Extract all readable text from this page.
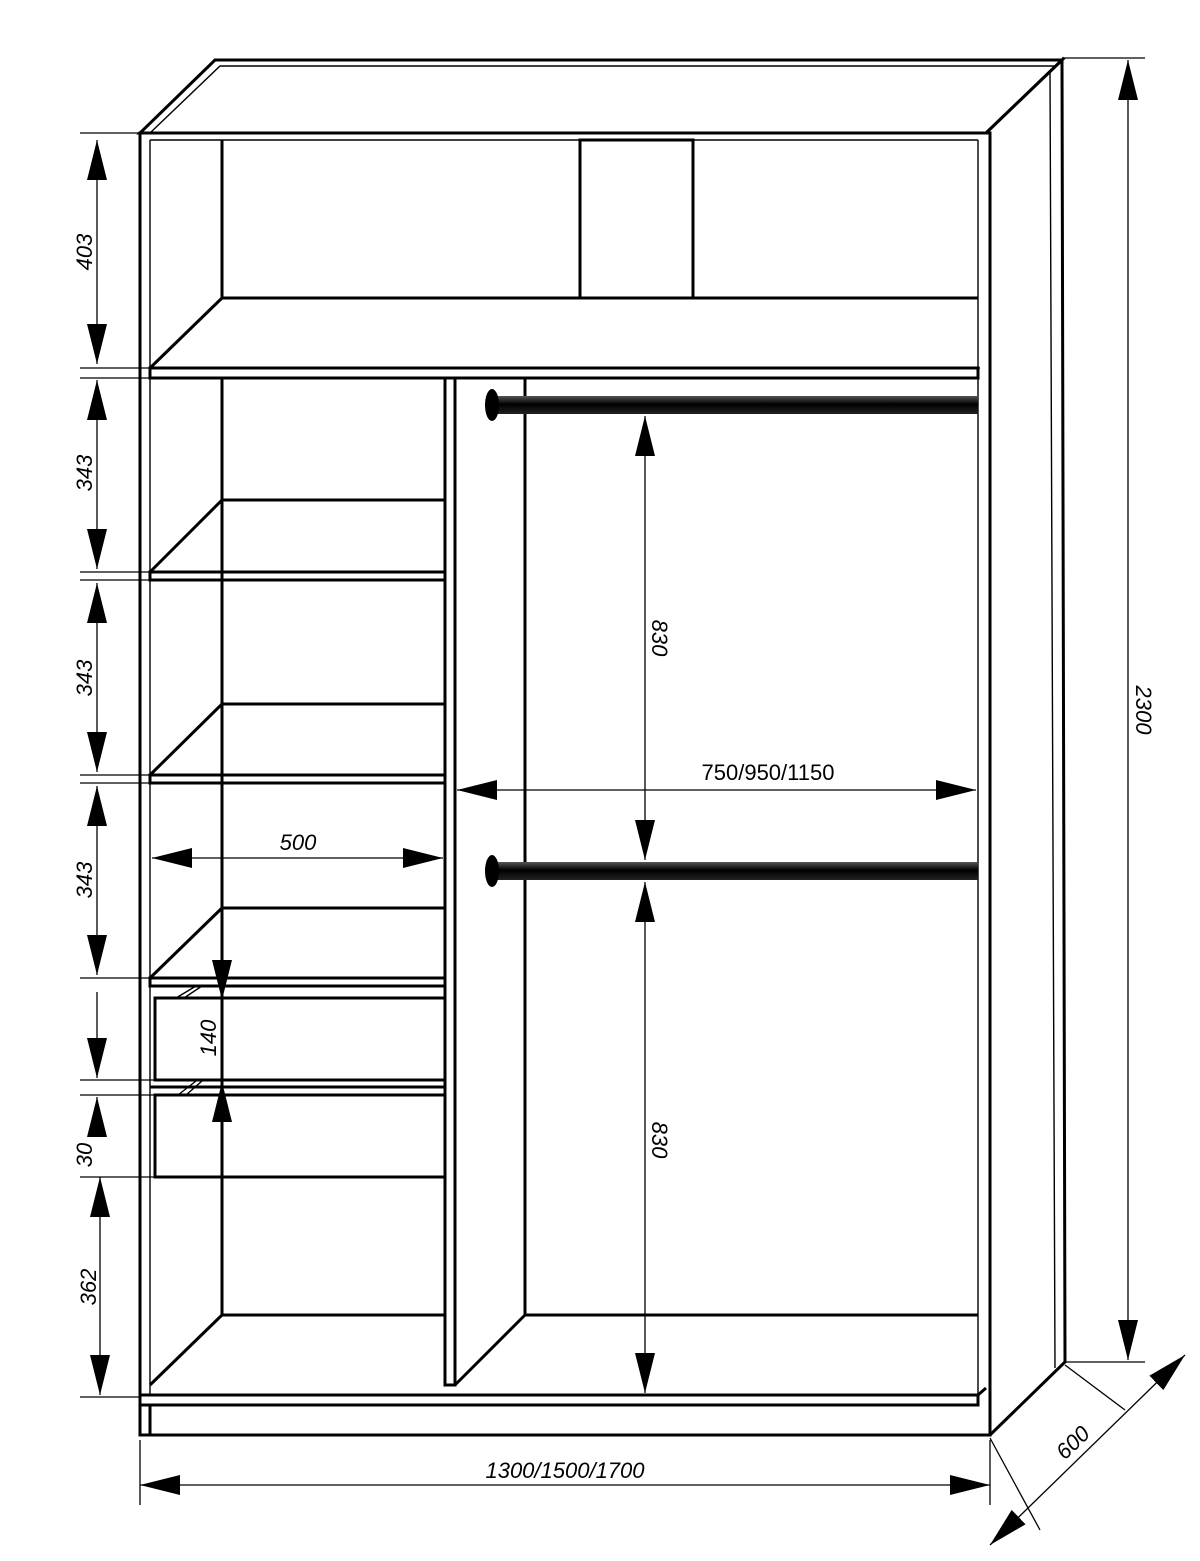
403
343
343
343
30
362
140
500
750/950/1150
830
830
2300
1300/1500/1700
600
